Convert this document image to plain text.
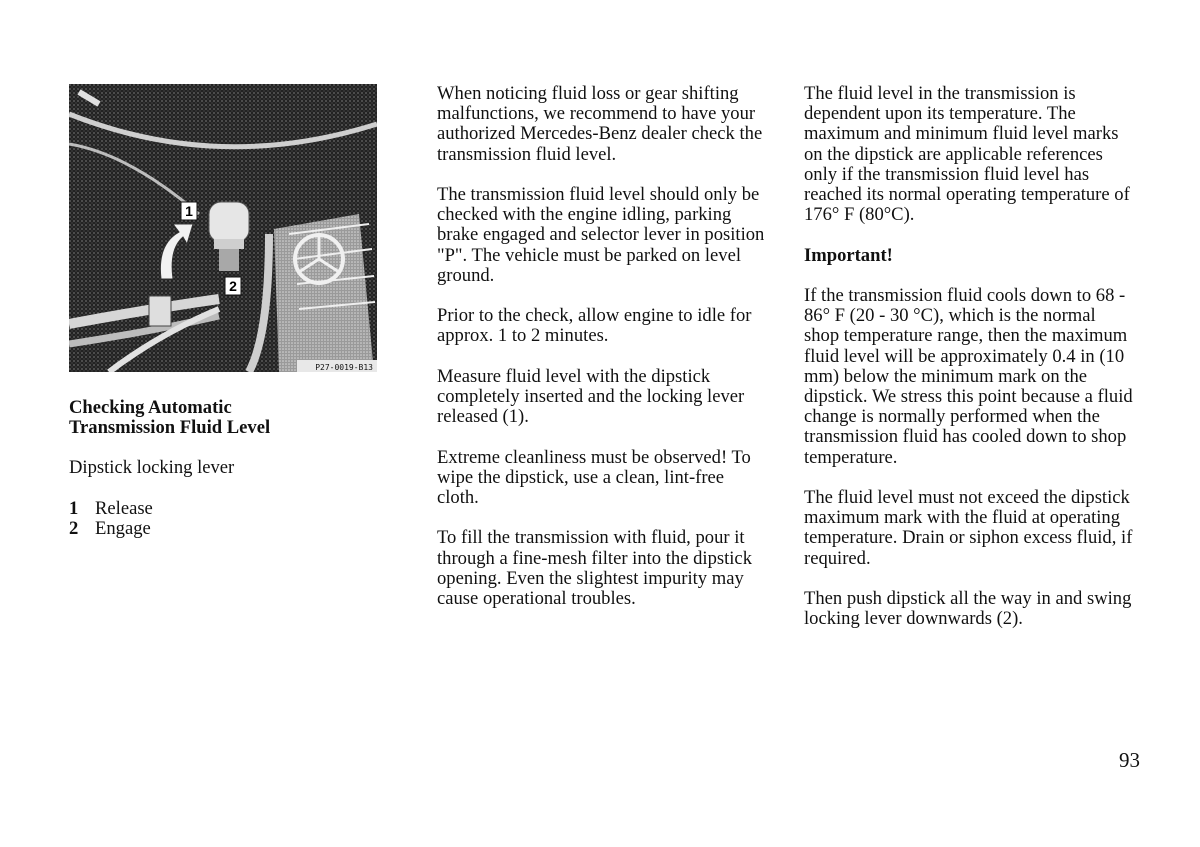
1
2
P27-0019-B13
Checking Automatic
Transmission Fluid Level

Dipstick locking lever

1 Release
2 Engage

When noticing fluid loss or gear shifting malfunctions, we recommend to have your authorized Mercedes-Benz dealer check the transmission fluid level.

The transmission fluid level should only be checked with the engine idling, parking brake engaged and selector lever in position "P". The vehicle must be parked on level ground.

Prior to the check, allow engine to idle for approx. 1 to 2 minutes.

Measure fluid level with the dipstick completely inserted and the locking lever released (1).

Extreme cleanliness must be observed! To wipe the dipstick, use a clean, lint-free cloth.

To fill the transmission with fluid, pour it through a fine-mesh filter into the dipstick opening. Even the slightest impurity may cause operational troubles.

The fluid level in the transmission is dependent upon its temperature. The maximum and minimum fluid level marks on the dipstick are applicable references only if the transmission fluid level has reached its normal operating temperature of 176° F (80°C).

Important!

If the transmission fluid cools down to 68 - 86° F (20 - 30 °C), which is the normal shop temperature range, then the maximum fluid level will be approximately 0.4 in (10 mm) below the minimum mark on the dipstick. We stress this point because a fluid change is normally performed when the transmission fluid has cooled down to shop temperature.

The fluid level must not exceed the dipstick maximum mark with the fluid at operating temperature. Drain or siphon excess fluid, if required.

Then push dipstick all the way in and swing locking lever downwards (2).

93
